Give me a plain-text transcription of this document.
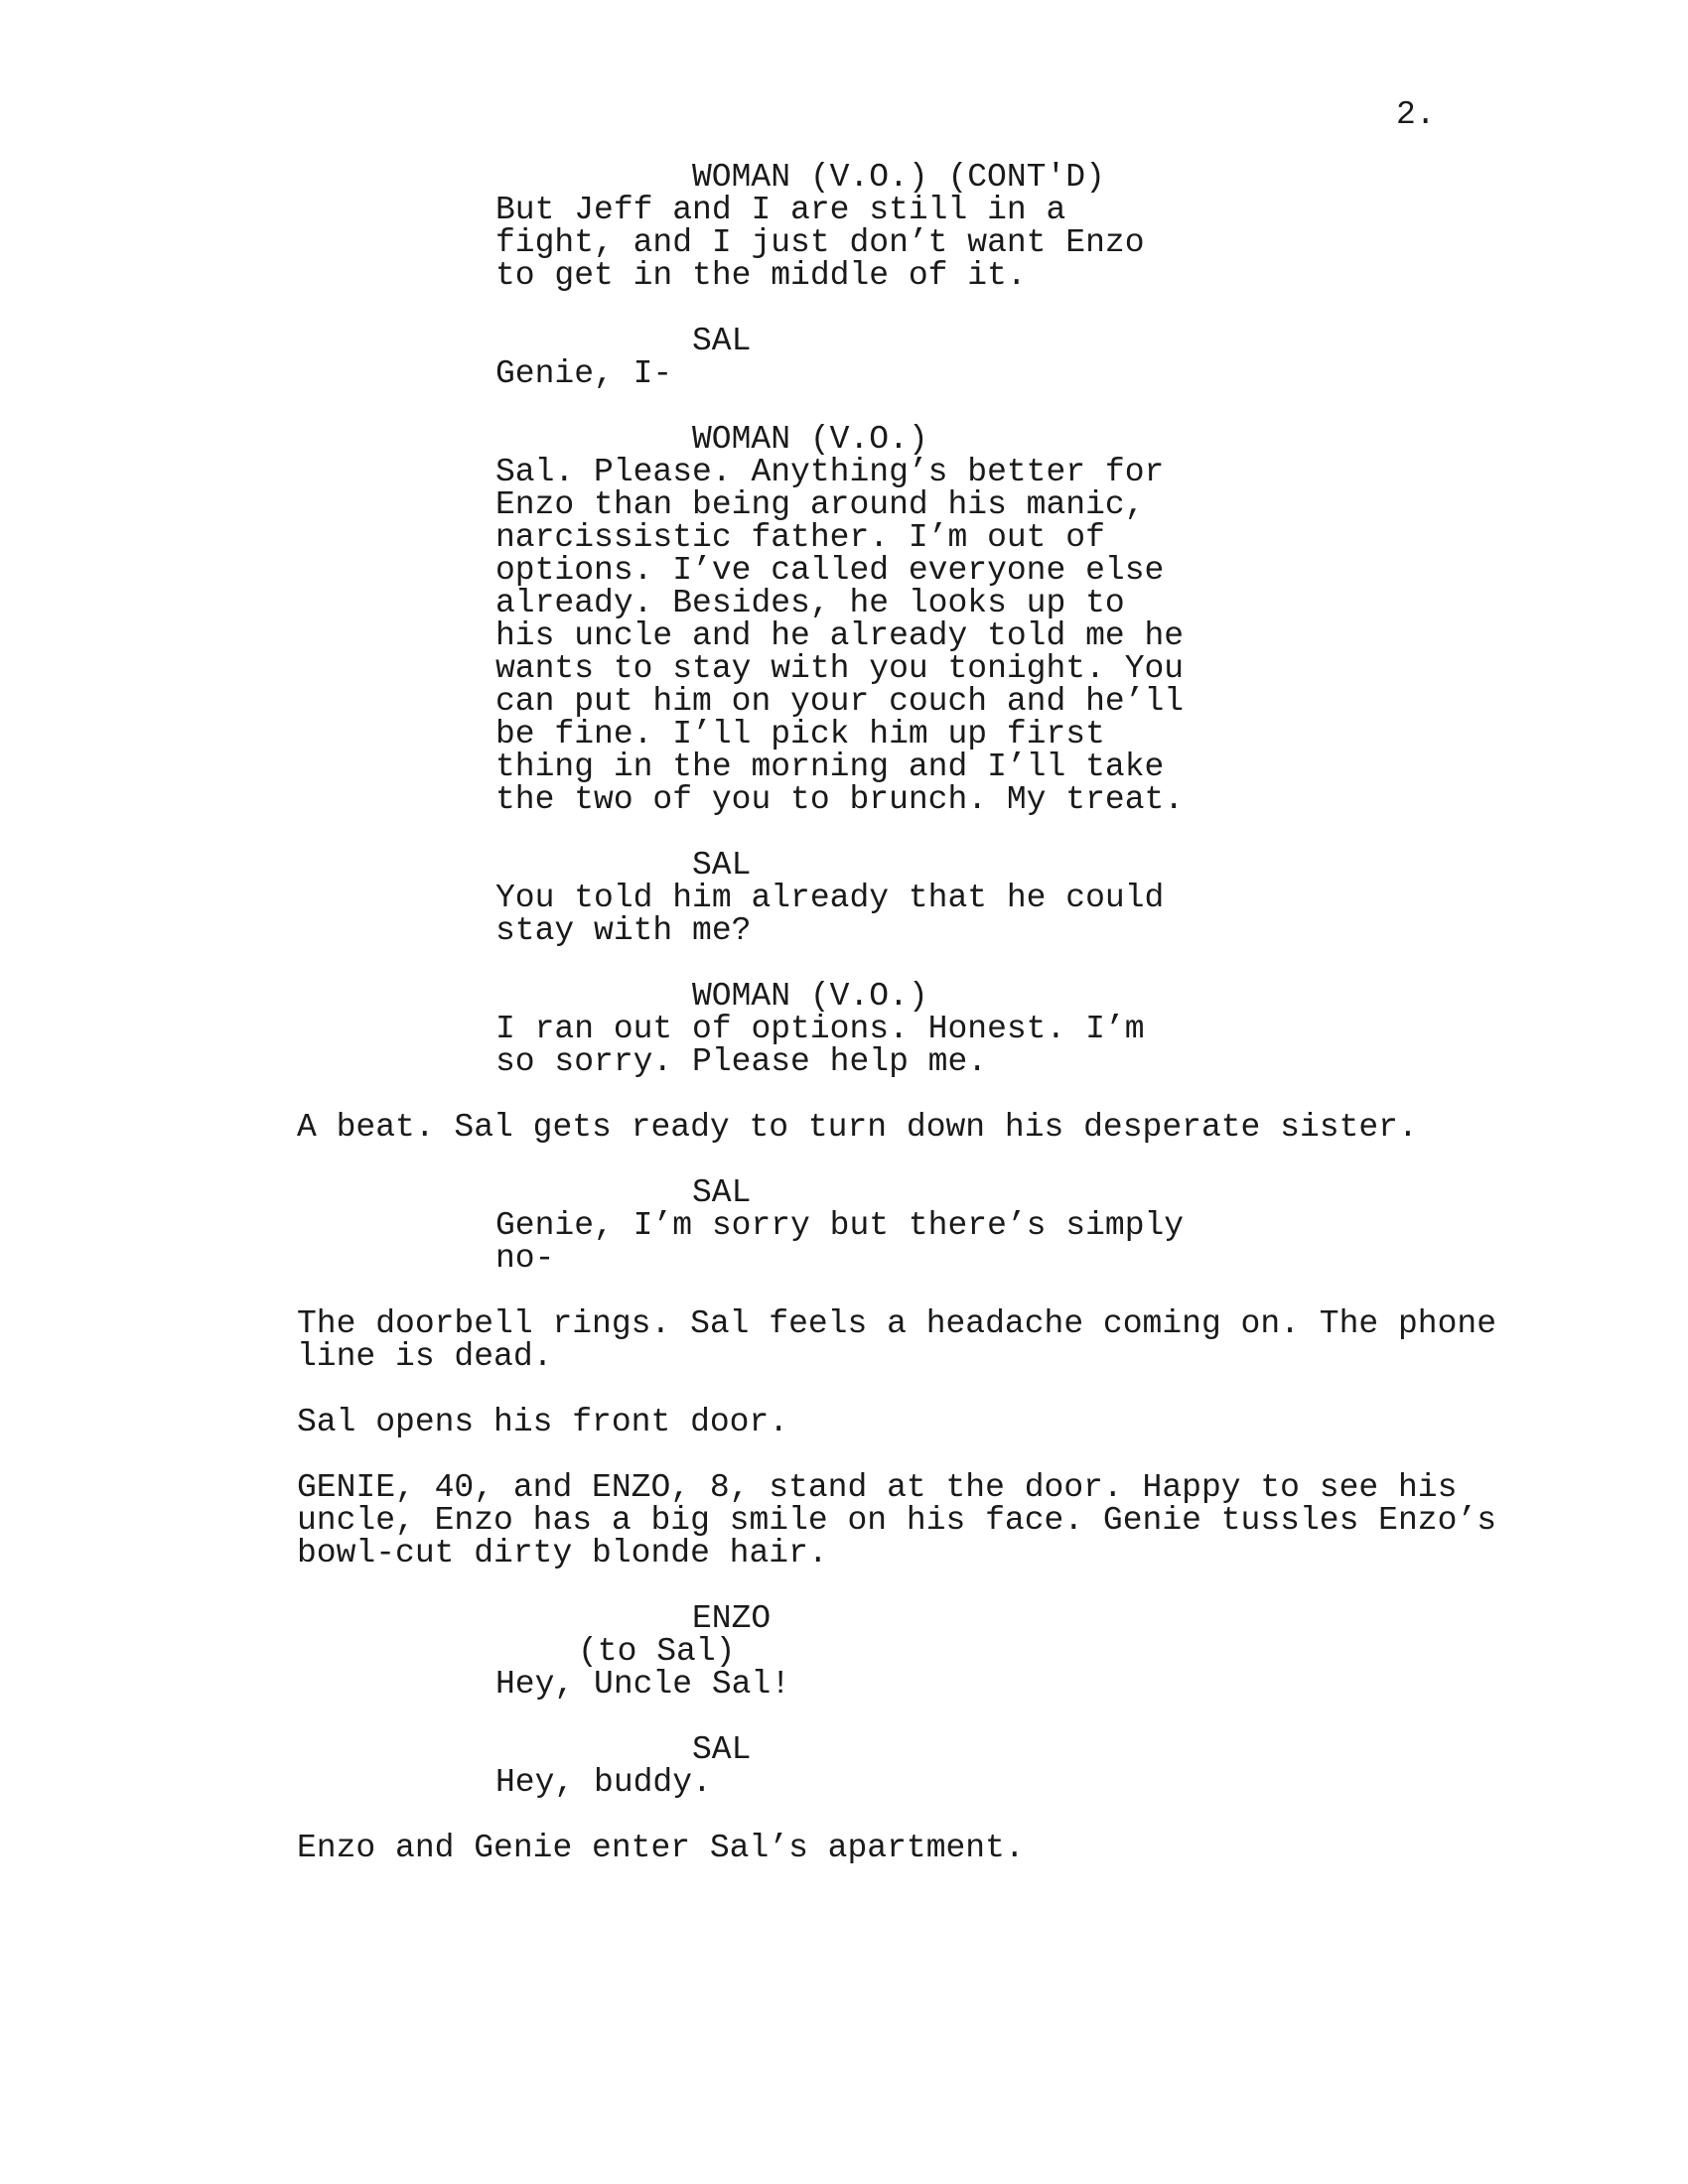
2.
WOMAN (V.O.) (CONT'D)
But Jeff and I are still in a
fight, and I just don’t want Enzo
to get in the middle of it.
SAL
Genie, I-
WOMAN (V.O.)
Sal. Please. Anything’s better for
Enzo than being around his manic,
narcissistic father. I’m out of
options. I’ve called everyone else
already. Besides, he looks up to
his uncle and he already told me he
wants to stay with you tonight. You
can put him on your couch and he’ll
be fine. I’ll pick him up first
thing in the morning and I’ll take
the two of you to brunch. My treat.
SAL
You told him already that he could
stay with me?
WOMAN (V.O.)
I ran out of options. Honest. I’m
so sorry. Please help me.
A beat. Sal gets ready to turn down his desperate sister.
SAL
Genie, I’m sorry but there’s simply
no-
The doorbell rings. Sal feels a headache coming on. The phone
line is dead.
Sal opens his front door.
GENIE, 40, and ENZO, 8, stand at the door. Happy to see his
uncle, Enzo has a big smile on his face. Genie tussles Enzo’s
bowl-cut dirty blonde hair.
ENZO
(to Sal)
Hey, Uncle Sal!
SAL
Hey, buddy.
Enzo and Genie enter Sal’s apartment.
